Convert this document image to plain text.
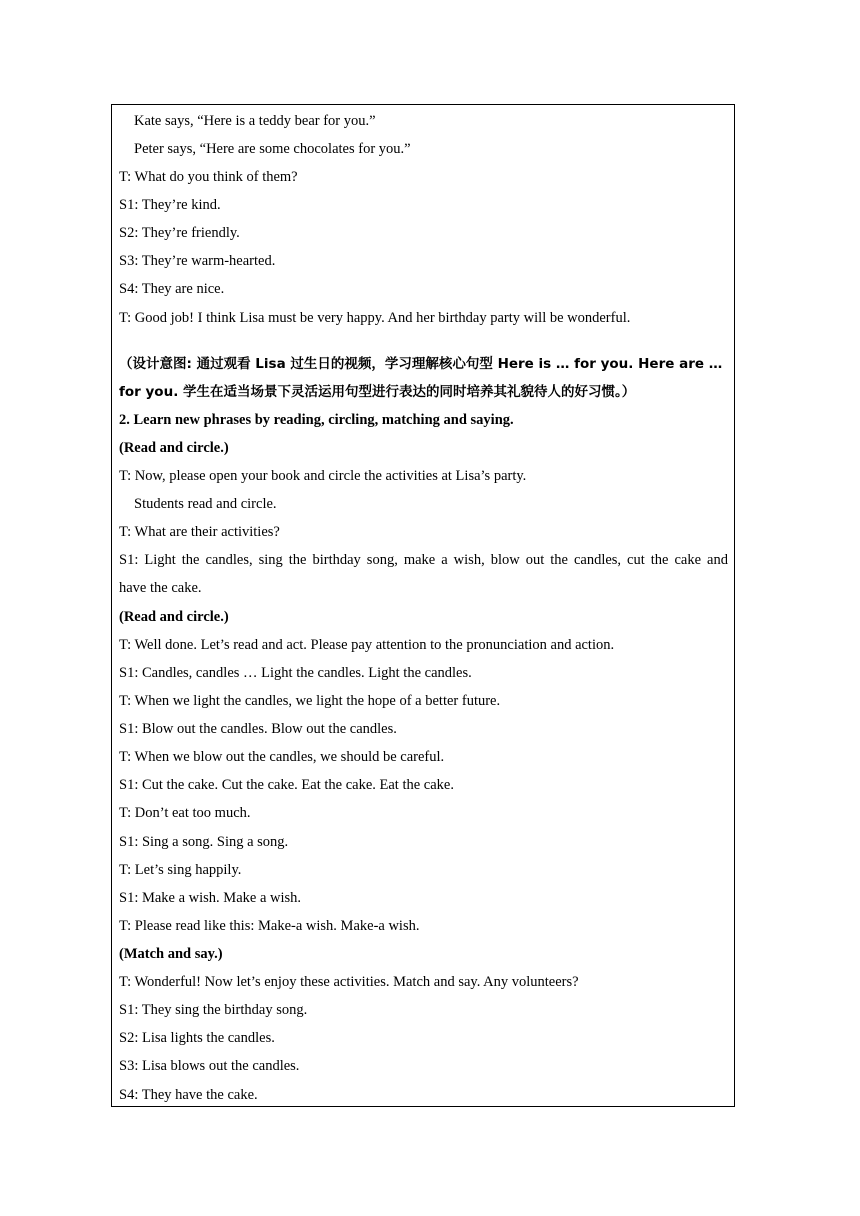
Kate says, “Here is a teddy bear for you.”
Peter says, “Here are some chocolates for you.”
T: What do you think of them?
S1: They’re kind.
S2: They’re friendly.
S3: They’re warm-hearted.
S4: They are nice.
T: Good job! I think Lisa must be very happy. And her birthday party will be wonderful.
（设计意图: 通过观看 Lisa 过生日的视频，学习理解核心句型 Here is … for you. Here are …
for you. 学生在适当场景下灵活运用句型进行表达的同时培养其礼貌待人的好习惯。）
2. Learn new phrases by reading, circling, matching and saying.
(Read and circle.)
T: Now, please open your book and circle the activities at Lisa’s party.
Students read and circle.
T: What are their activities?
S1: Light the candles, sing the birthday song, make a wish, blow out the candles, cut the cake and
have the cake.
(Read and circle.)
T: Well done. Let’s read and act. Please pay attention to the pronunciation and action.
S1: Candles, candles … Light the candles. Light the candles.
T: When we light the candles, we light the hope of a better future.
S1: Blow out the candles. Blow out the candles.
T: When we blow out the candles, we should be careful.
S1: Cut the cake. Cut the cake. Eat the cake. Eat the cake.
T: Don’t eat too much.
S1: Sing a song. Sing a song.
T: Let’s sing happily.
S1: Make a wish. Make a wish.
T: Please read like this: Make-a wish. Make-a wish.
(Match and say.)
T: Wonderful! Now let’s enjoy these activities. Match and say. Any volunteers?
S1: They sing the birthday song.
S2: Lisa lights the candles.
S3: Lisa blows out the candles.
S4: They have the cake.
